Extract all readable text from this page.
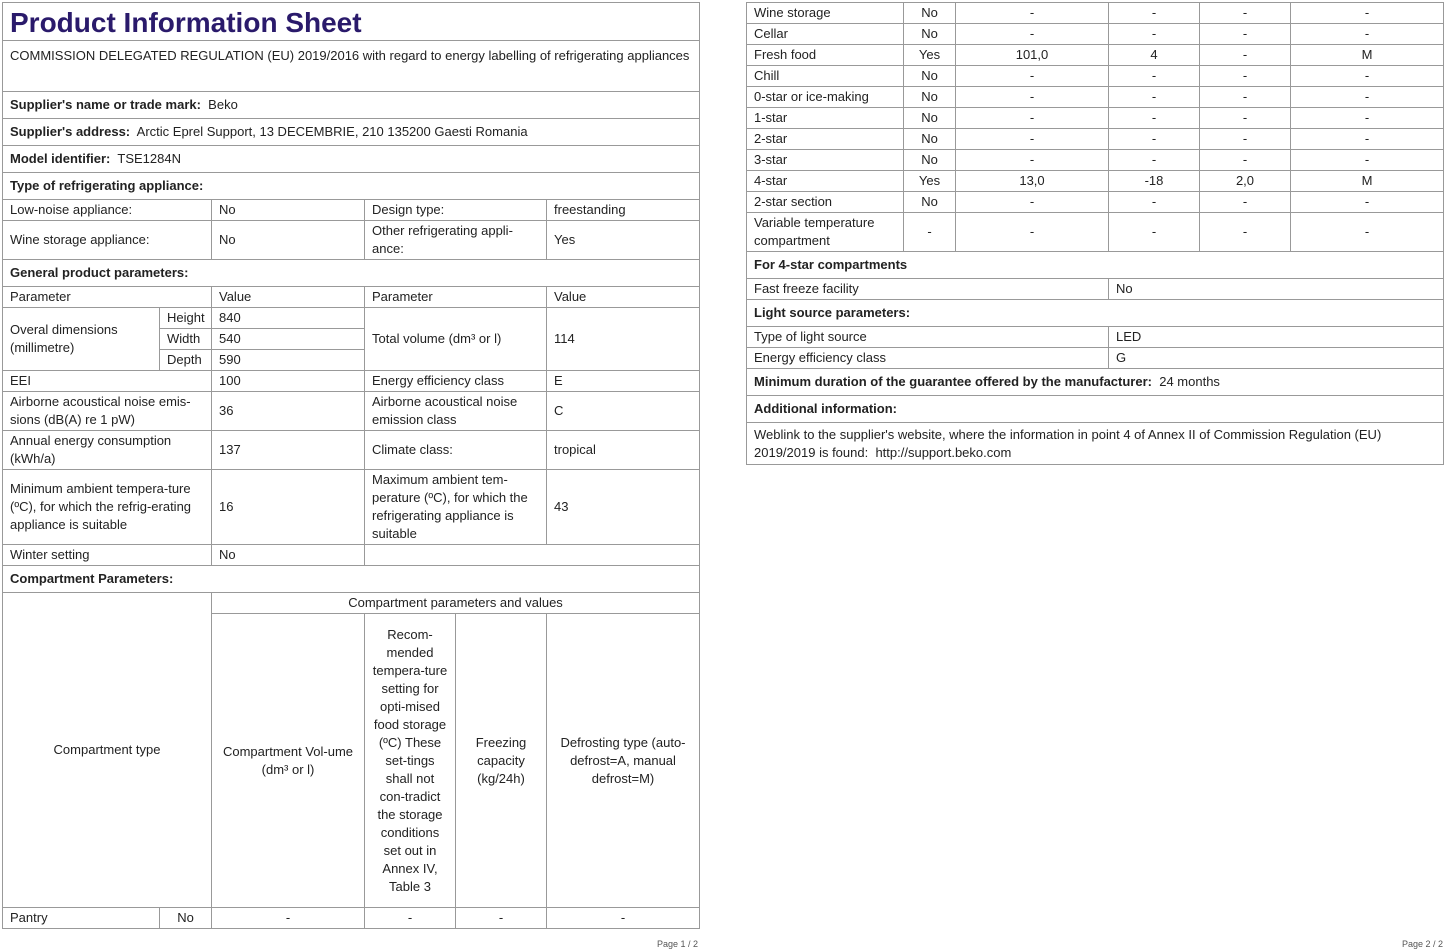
Product Information Sheet					
COMMISSION DELEGATED REGULATION (EU) 2019/2016 with regard to energy labelling of refrigerating appliances					
Supplier's name or trade mark: Beko					
Supplier's address: Arctic Eprel Support, 13 DECEMBRIE, 210 135200 Gaesti Romania					
Model identifier: TSE1284N					
Type of refrigerating appliance:					
Low-noise appliance:		No	Design type:		freestanding
Wine storage appliance:		No	Other refrigerating appli-ance:		Yes
General product parameters:					
Parameter		Value	Parameter		Value
Overal dimensions (millimetre)	Height	840	Total volume (dm³ or l)		114
	Width	540			
	Depth	590			
EEI		100	Energy efficiency class		E
Airborne acoustical noise emis-sions (dB(A) re 1 pW)		36	Airborne acoustical noise emission class		C
Annual energy consumption (kWh/a)		137	Climate class:		tropical
Minimum ambient tempera-ture (ºC), for which the refrig-erating appliance is suitable		16	Maximum ambient tem-perature (ºC), for which the refrigerating appliance is suitable		43
Winter setting		No			
Compartment Parameters:					
Compartment type		Compartment parameters and values			
		Compartment Vol-ume (dm³ or l)	Recom-mended tempera-ture setting for opti-mised food storage (ºC) These set-tings shall not con-tradict the storage conditions set out in Annex IV, Table 3	Freezing capacity (kg/24h)	Defrosting type (auto-defrost=A, manual defrost=M)
Pantry	No	-	-	-	-
Page 1 / 2
Wine storage	No	-	-	-	-
Cellar	No	-	-	-	-
Fresh food	Yes	101,0	4	-	M
Chill	No	-	-	-	-
0-star or ice-making	No	-	-	-	-
1-star	No	-	-	-	-
2-star	No	-	-	-	-
3-star	No	-	-	-	-
4-star	Yes	13,0	-18	2,0	M
2-star section	No	-	-	-	-
Variable temperature compartment	-	-	-	-	-
For 4-star compartments	
Fast freeze facility	No
Light source parameters:	
Type of light source	LED
Energy efficiency class	G
Minimum duration of the guarantee offered by the manufacturer: 24 months	
Additional information:	
Weblink to the supplier's website, where the information in point 4 of Annex II of Commission Regulation (EU) 2019/2019 is found: http://support.beko.com	
Page 2 / 2
